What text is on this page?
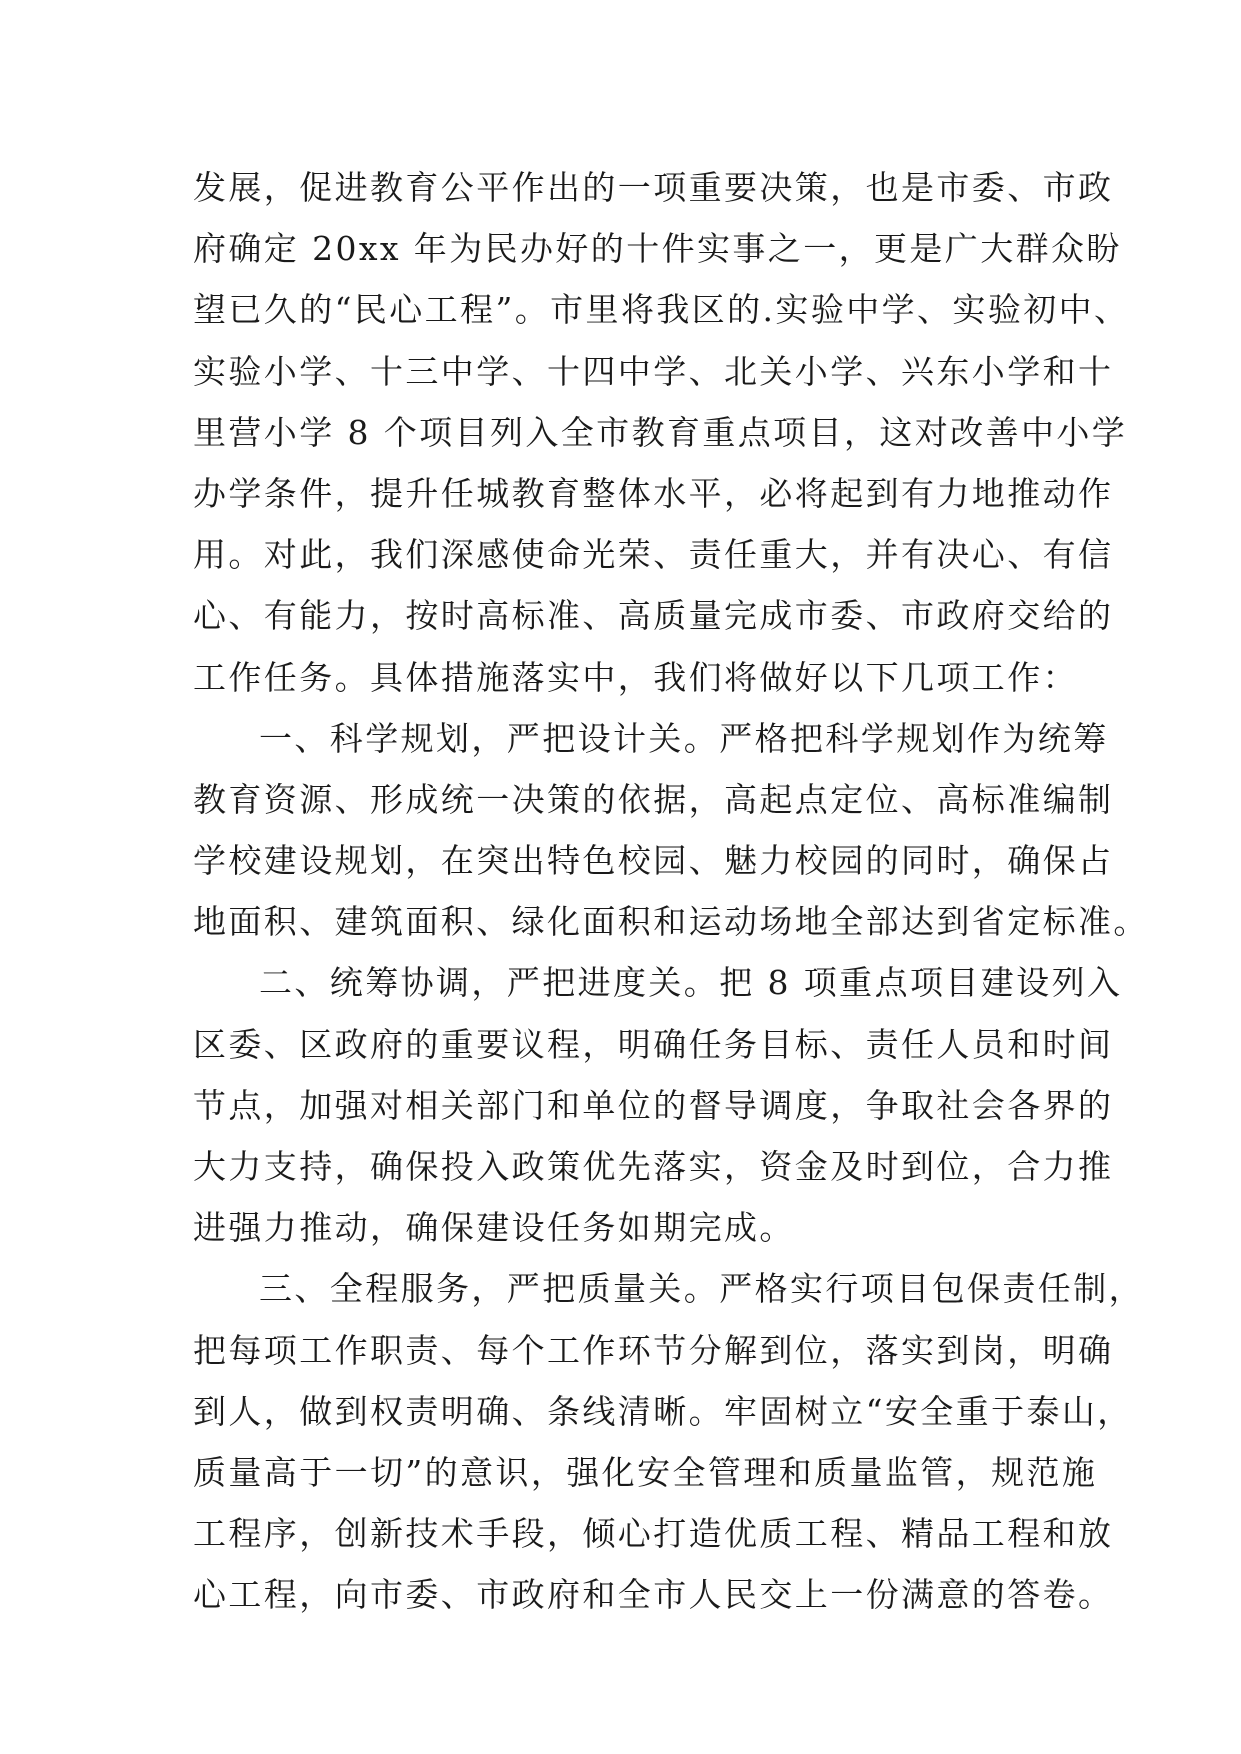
发展，促进教育公平作出的一项重要决策，也是市委、市政
府确定 20xx 年为民办好的十件实事之一，更是广大群众盼
望已久的“民心工程”。市里将我区的.实验中学、实验初中、
实验小学、十三中学、十四中学、北关小学、兴东小学和十
里营小学 8 个项目列入全市教育重点项目，这对改善中小学
办学条件，提升任城教育整体水平，必将起到有力地推动作
用。对此，我们深感使命光荣、责任重大，并有决心、有信
心、有能力，按时高标准、高质量完成市委、市政府交给的
工作任务。具体措施落实中，我们将做好以下几项工作：
一、科学规划，严把设计关。严格把科学规划作为统筹
教育资源、形成统一决策的依据，高起点定位、高标准编制
学校建设规划，在突出特色校园、魅力校园的同时，确保占
地面积、建筑面积、绿化面积和运动场地全部达到省定标准。
二、统筹协调，严把进度关。把 8 项重点项目建设列入
区委、区政府的重要议程，明确任务目标、责任人员和时间
节点，加强对相关部门和单位的督导调度，争取社会各界的
大力支持，确保投入政策优先落实，资金及时到位，合力推
进强力推动，确保建设任务如期完成。
三、全程服务，严把质量关。严格实行项目包保责任制，
把每项工作职责、每个工作环节分解到位，落实到岗，明确
到人，做到权责明确、条线清晰。牢固树立“安全重于泰山，
质量高于一切”的意识，强化安全管理和质量监管，规范施
工程序，创新技术手段，倾心打造优质工程、精品工程和放
心工程，向市委、市政府和全市人民交上一份满意的答卷。
